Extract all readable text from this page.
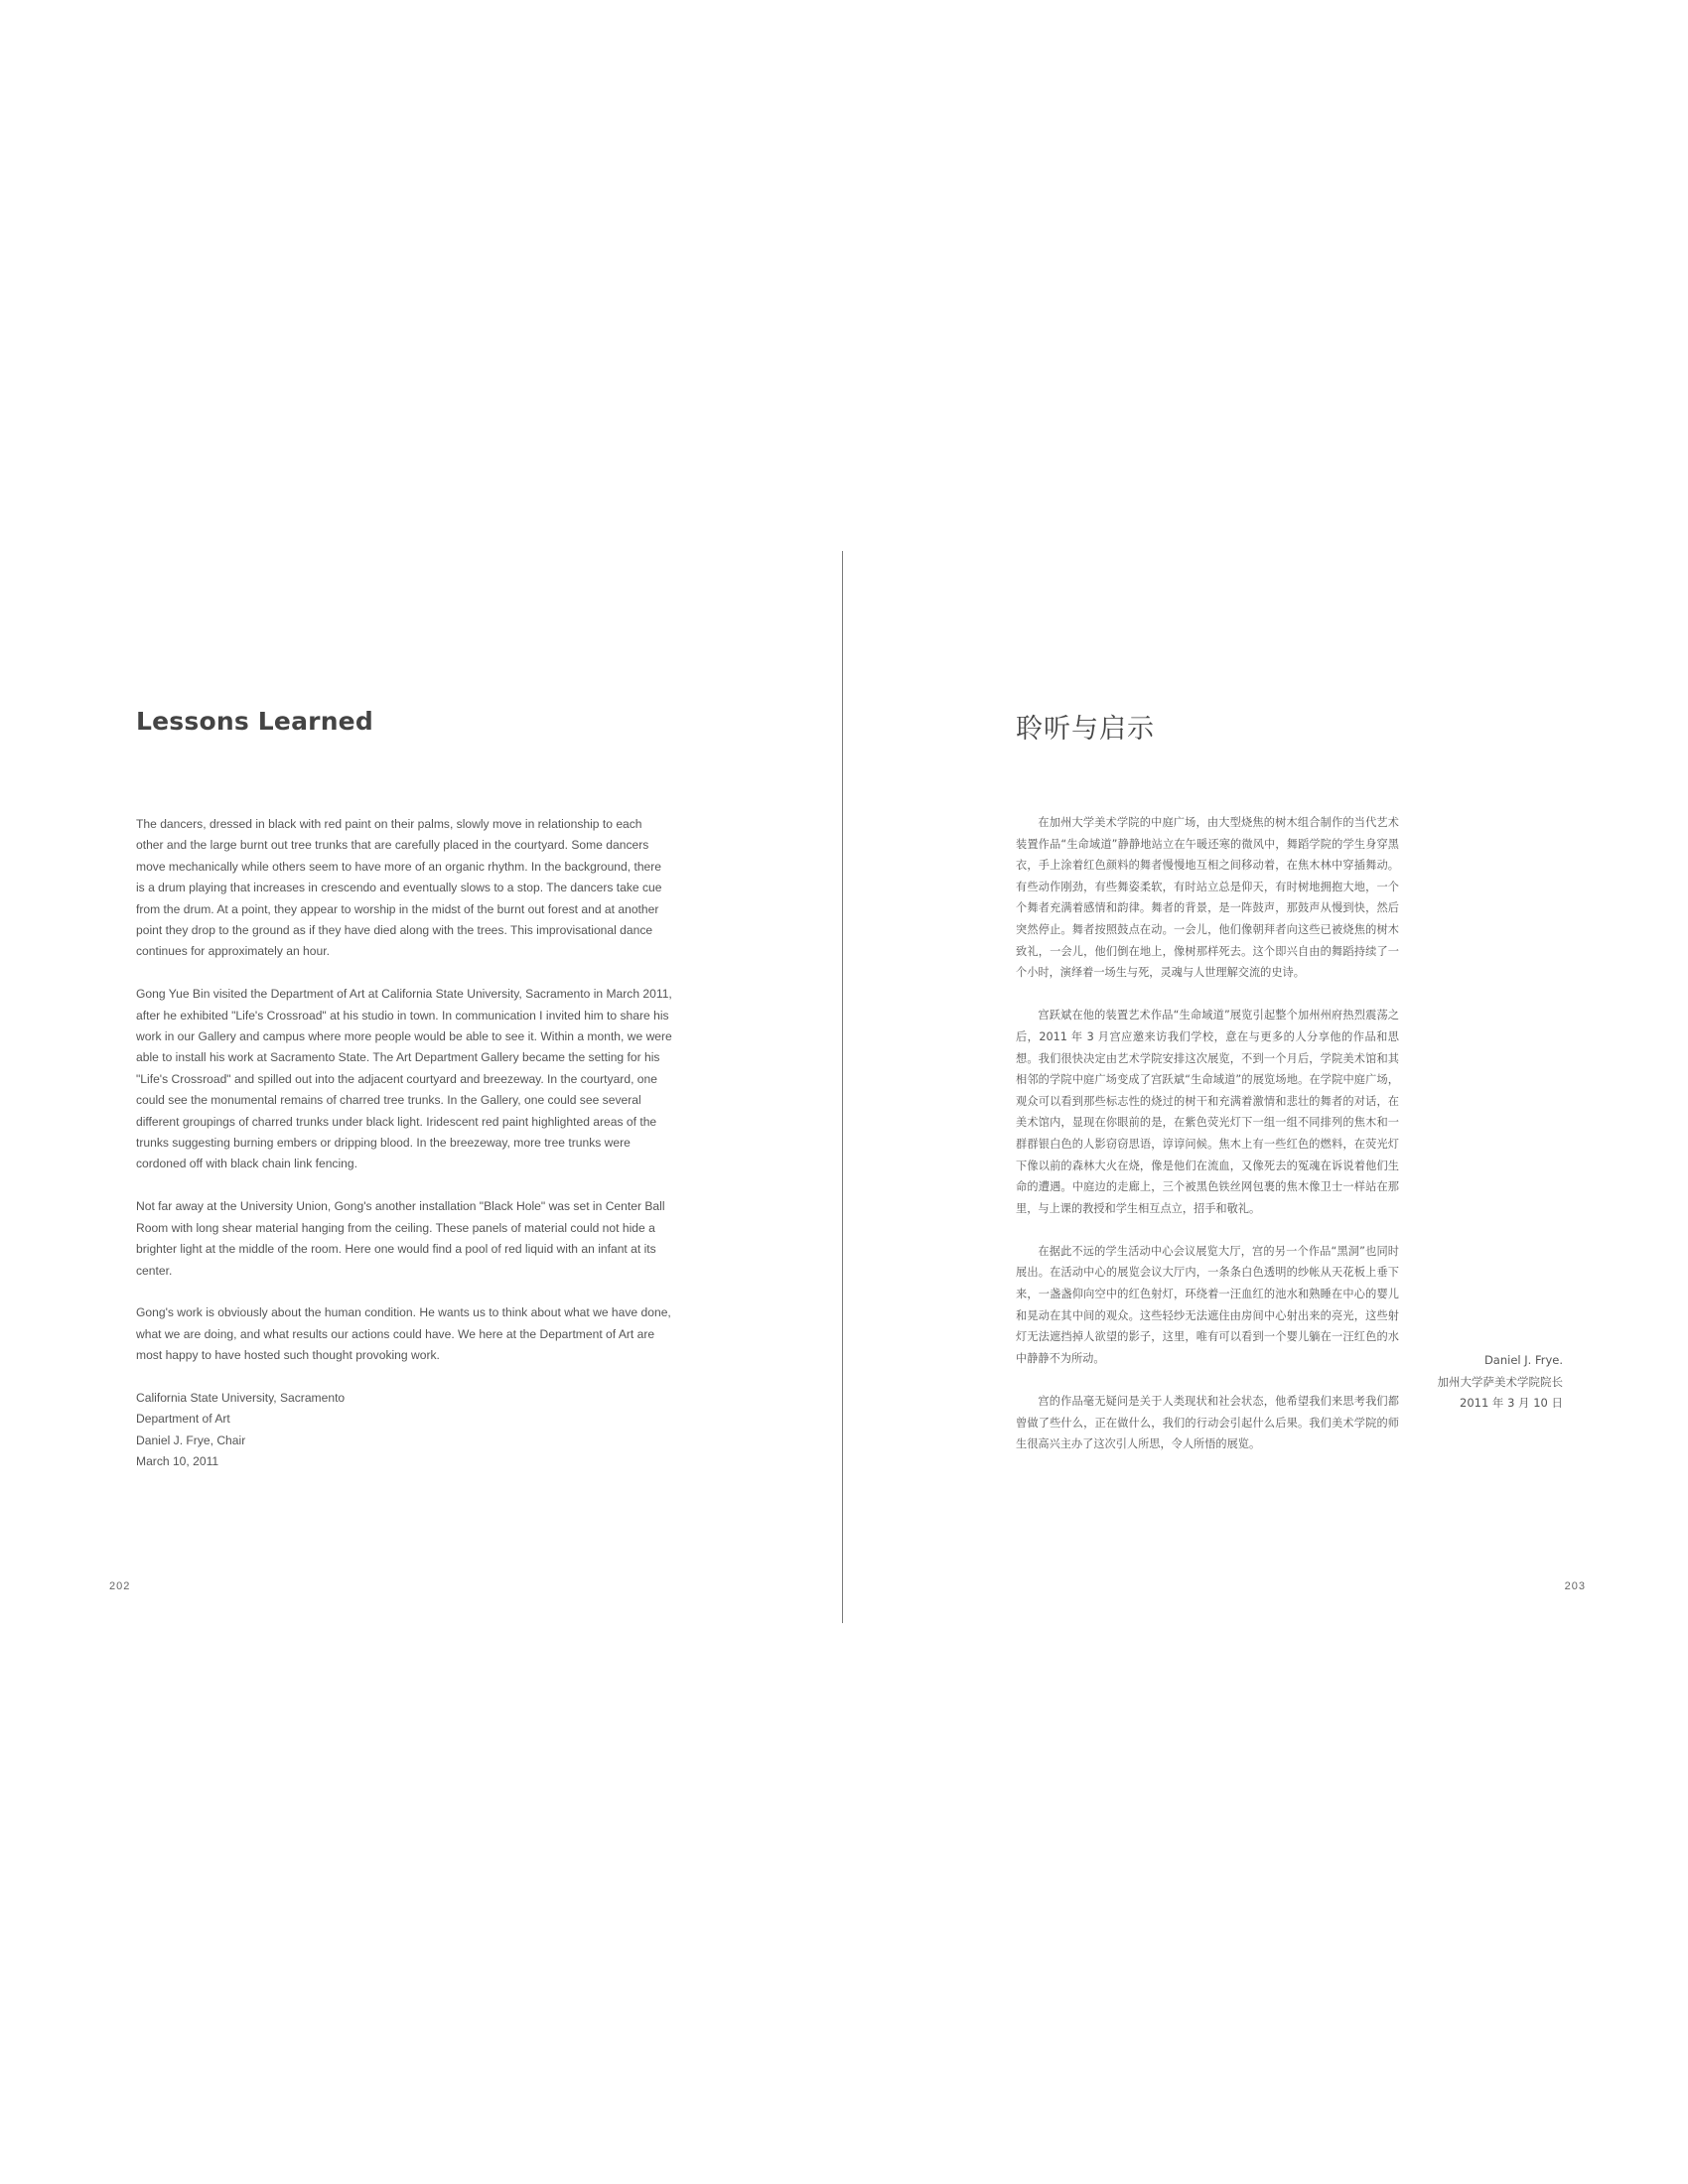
Lessons Learned

The dancers, dressed in black with red paint on their palms, slowly move in relationship to each other and the large burnt out tree trunks that are carefully placed in the courtyard. Some dancers move mechanically while others seem to have more of an organic rhythm. In the background, there is a drum playing that increases in crescendo and eventually slows to a stop. The dancers take cue from the drum. At a point, they appear to worship in the midst of the burnt out forest and at another point they drop to the ground as if they have died along with the trees. This improvisational dance continues for approximately an hour.

Gong Yue Bin visited the Department of Art at California State University, Sacramento in March 2011, after he exhibited "Life's Crossroad" at his studio in town. In communication I invited him to share his work in our Gallery and campus where more people would be able to see it. Within a month, we were able to install his work at Sacramento State. The Art Department Gallery became the setting for his "Life's Crossroad" and spilled out into the adjacent courtyard and breezeway. In the courtyard, one could see the monumental remains of charred tree trunks. In the Gallery, one could see several different groupings of charred trunks under black light. Iridescent red paint highlighted areas of the trunks suggesting burning embers or dripping blood. In the breezeway, more tree trunks were cordoned off with black chain link fencing.

Not far away at the University Union, Gong's another installation "Black Hole" was set in Center Ball Room with long shear material hanging from the ceiling. These panels of material could not hide a brighter light at the middle of the room. Here one would find a pool of red liquid with an infant at its center.

Gong's work is obviously about the human condition. He wants us to think about what we have done, what we are doing, and what results our actions could have. We here at the Department of Art are most happy to have hosted such thought provoking work.

California State University, Sacramento
Department of Art
Daniel J. Frye, Chair
March 10, 2011
202
聆听与启示

在加州大学美术学院的中庭广场，由大型烧焦的树木组合制作的当代艺术装置作品“生命域道”静静地站立在午暖还寒的微风中，舞蹈学院的学生身穿黑衣，手上涂着红色颜料的舞者慢慢地互相之间移动着，在焦木林中穿插舞动。有些动作刚劲，有些舞姿柔软，有时站立总是仰天，有时树地拥抱大地，一个个舞者充满着感情和韵律。舞者的背景，是一阵鼓声，那鼓声从慢到快，然后突然停止。舞者按照鼓点在动。一会儿，他们像朝拜者向这些已被烧焦的树木致礼，一会儿，他们倒在地上，像树那样死去。这个即兴自由的舞蹈持续了一个小时，演绎着一场生与死，灵魂与人世理解交流的史诗。

宫跃斌在他的装置艺术作品“生命域道”展览引起整个加州州府热烈震荡之后，2011 年 3 月宫应邀来访我们学校，意在与更多的人分享他的作品和思想。我们很快决定由艺术学院安排这次展览，不到一个月后，学院美术馆和其相邻的学院中庭广场变成了宫跃斌“生命域道”的展览场地。在学院中庭广场，观众可以看到那些标志性的烧过的树干和充满着激情和悲壮的舞者的对话，在美术馆内，显现在你眼前的是，在紫色荧光灯下一组一组不同排列的焦木和一群群银白色的人影窃窃思语，谆谆问候。焦木上有一些红色的燃料，在荧光灯下像以前的森林大火在烧，像是他们在流血，又像死去的冤魂在诉说着他们生命的遭遇。中庭边的走廊上，三个被黑色铁丝网包裹的焦木像卫士一样站在那里，与上课的教授和学生相互点立，招手和敬礼。

在据此不远的学生活动中心会议展览大厅，宫的另一个作品“黑洞”也同时展出。在活动中心的展览会议大厅内，一条条白色透明的纱帐从天花板上垂下来，一盏盏仰向空中的红色射灯，环绕着一汪血红的池水和熟睡在中心的婴儿和晃动在其中间的观众。这些轻纱无法遮住由房间中心射出来的亮光，这些射灯无法遮挡掉人欲望的影子，这里，唯有可以看到一个婴儿躺在一汪红色的水中静静不为所动。

宫的作品毫无疑问是关于人类现状和社会状态，他希望我们来思考我们都曾做了些什么，正在做什么，我们的行动会引起什么后果。我们美术学院的师生很高兴主办了这次引人所思，令人所悟的展览。

Daniel J. Frye.
加州大学萨美术学院院长
2011 年 3 月 10 日
203
